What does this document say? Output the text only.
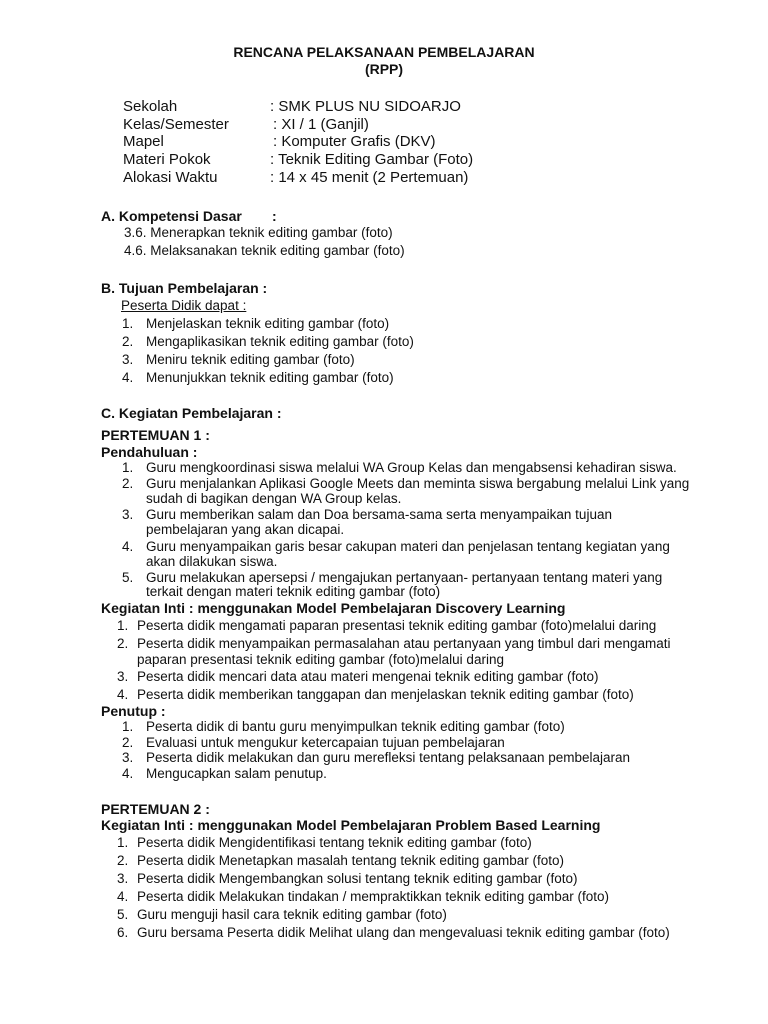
RENCANA PELAKSANAAN PEMBELAJARAN
(RPP)
Sekolah	: SMK PLUS NU SIDOARJO
Kelas/Semester	: XI / 1 (Ganjil)
Mapel	: Komputer Grafis (DKV)
Materi Pokok	: Teknik Editing Gambar (Foto)
Alokasi Waktu	: 14 x 45 menit (2 Pertemuan)
A. Kompetensi Dasar :
3.6. Menerapkan teknik editing gambar (foto)
4.6. Melaksanakan teknik editing gambar (foto)
B. Tujuan Pembelajaran :
Peserta Didik dapat :
1. Menjelaskan teknik editing gambar (foto)
2. Mengaplikasikan teknik editing gambar (foto)
3. Meniru teknik editing gambar (foto)
4. Menunjukkan teknik editing gambar (foto)
C. Kegiatan Pembelajaran :
PERTEMUAN 1 :
Pendahuluan :
1. Guru mengkoordinasi siswa melalui WA Group Kelas dan mengabsensi kehadiran siswa.
2. Guru menjalankan Aplikasi Google Meets dan meminta siswa bergabung melalui Link yang
sudah di bagikan dengan WA Group kelas.
3. Guru memberikan salam dan Doa bersama-sama serta menyampaikan tujuan
pembelajaran yang akan dicapai.
4. Guru menyampaikan garis besar cakupan materi dan penjelasan tentang kegiatan yang
akan dilakukan siswa.
5. Guru melakukan apersepsi / mengajukan pertanyaan- pertanyaan tentang materi yang
terkait dengan materi teknik editing gambar (foto)
Kegiatan Inti : menggunakan Model Pembelajaran Discovery Learning
1. Peserta didik mengamati paparan presentasi teknik editing gambar (foto)melalui daring
2. Peserta didik menyampaikan permasalahan atau pertanyaan yang timbul dari mengamati
paparan presentasi teknik editing gambar (foto)melalui daring
3. Peserta didik mencari data atau materi mengenai teknik editing gambar (foto)
4. Peserta didik memberikan tanggapan dan menjelaskan teknik editing gambar (foto)
Penutup :
1. Peserta didik di bantu guru menyimpulkan teknik editing gambar (foto)
2. Evaluasi untuk mengukur ketercapaian tujuan pembelajaran
3. Peserta didik melakukan dan guru merefleksi tentang pelaksanaan pembelajaran
4. Mengucapkan salam penutup.
PERTEMUAN 2 :
Kegiatan Inti : menggunakan Model Pembelajaran Problem Based Learning
1. Peserta didik Mengidentifikasi tentang teknik editing gambar (foto)
2. Peserta didik Menetapkan masalah tentang teknik editing gambar (foto)
3. Peserta didik Mengembangkan solusi tentang teknik editing gambar (foto)
4. Peserta didik Melakukan tindakan / mempraktikkan teknik editing gambar (foto)
5. Guru menguji hasil cara teknik editing gambar (foto)
6. Guru bersama Peserta didik Melihat ulang dan mengevaluasi teknik editing gambar (foto)
